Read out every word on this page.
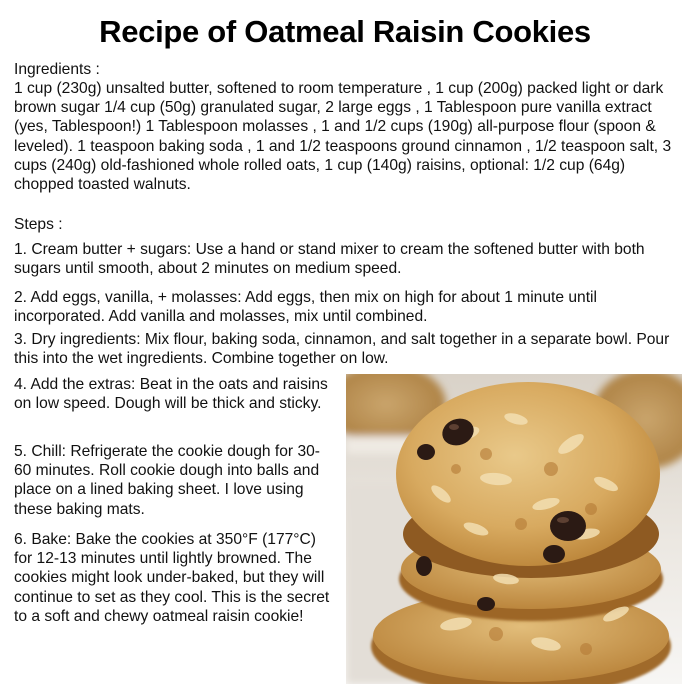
Recipe of Oatmeal Raisin Cookies
Ingredients :
1 cup (230g) unsalted butter, softened to room temperature , 1 cup (200g) packed light or dark brown sugar 1/4 cup (50g) granulated sugar, 2 large eggs , 1 Tablespoon pure vanilla extract (yes, Tablespoon!) 1 Tablespoon molasses , 1 and 1/2 cups (190g) all-purpose flour (spoon & leveled). 1 teaspoon baking soda , 1 and 1/2 teaspoons ground cinnamon , 1/2 teaspoon salt, 3 cups (240g) old-fashioned whole rolled oats, 1 cup (140g) raisins, optional: 1/2 cup (64g) chopped toasted walnuts.
Steps :
1. Cream butter + sugars: Use a hand or stand mixer to cream the softened butter with both sugars until smooth, about 2 minutes on medium speed.
2. Add eggs, vanilla, + molasses: Add eggs, then mix on high for about 1 minute until incorporated. Add vanilla and molasses, mix until combined.
3. Dry ingredients: Mix flour, baking soda, cinnamon, and salt together in a separate bowl. Pour this into the wet ingredients. Combine together on low.
4. Add the extras: Beat in the oats and raisins on low speed. Dough will be thick and sticky.
5. Chill: Refrigerate the cookie dough for 30-60 minutes. Roll cookie dough into balls and place on a lined baking sheet. I love using these baking mats.
6. Bake: Bake the cookies at 350°F (177°C) for 12-13 minutes until lightly browned. The cookies might look under-baked, but they will continue to set as they cool. This is the secret to a soft and chewy oatmeal raisin cookie!
